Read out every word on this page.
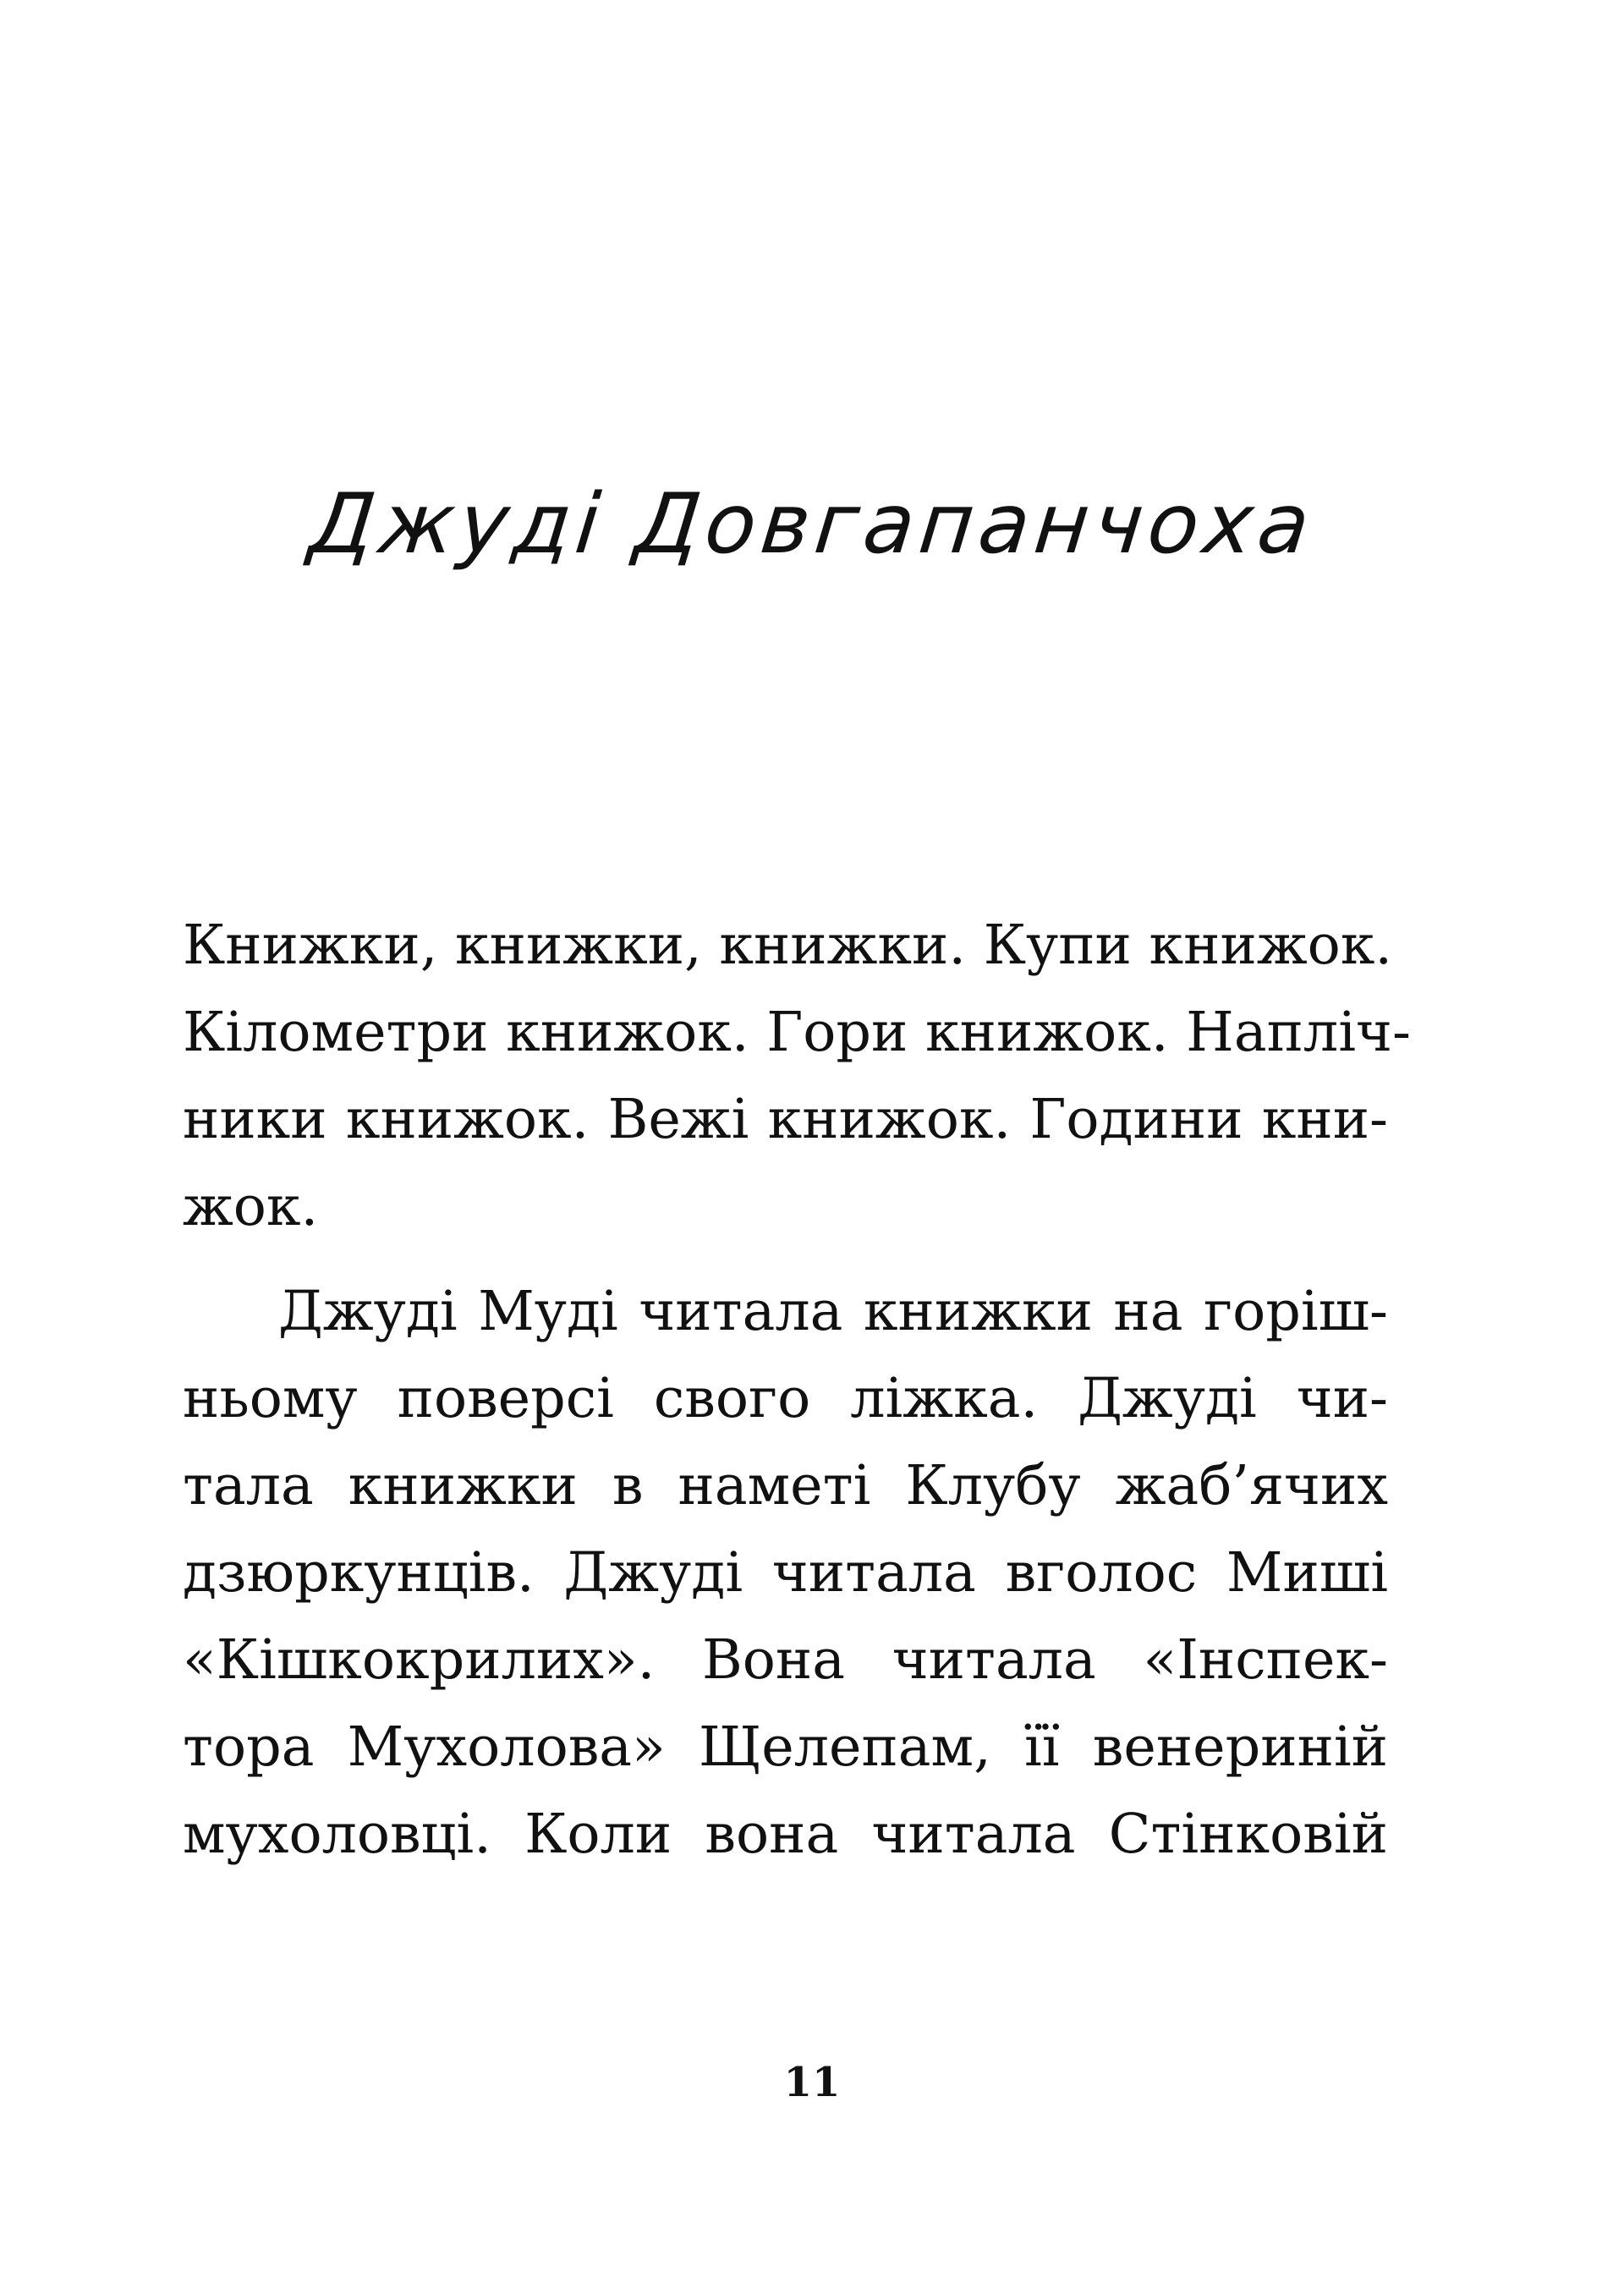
Джуді Довгапанчоха
Книжки, книжки, книжки. Купи книжок.
Кілометри книжок. Гори книжок. Напліч-
ники книжок. Вежі книжок. Години кни-
жок.
Джуді Муді читала книжки на горіш-
ньому поверсі свого ліжка. Джуді чи-
тала книжки в наметі Клубу жаб’ячих
дзюркунців. Джуді читала вголос Миші
«Кішкокрилих». Вона читала «Інспек-
тора Мухолова» Щелепам, її венериній
мухоловці. Коли вона читала Стінковій
11
